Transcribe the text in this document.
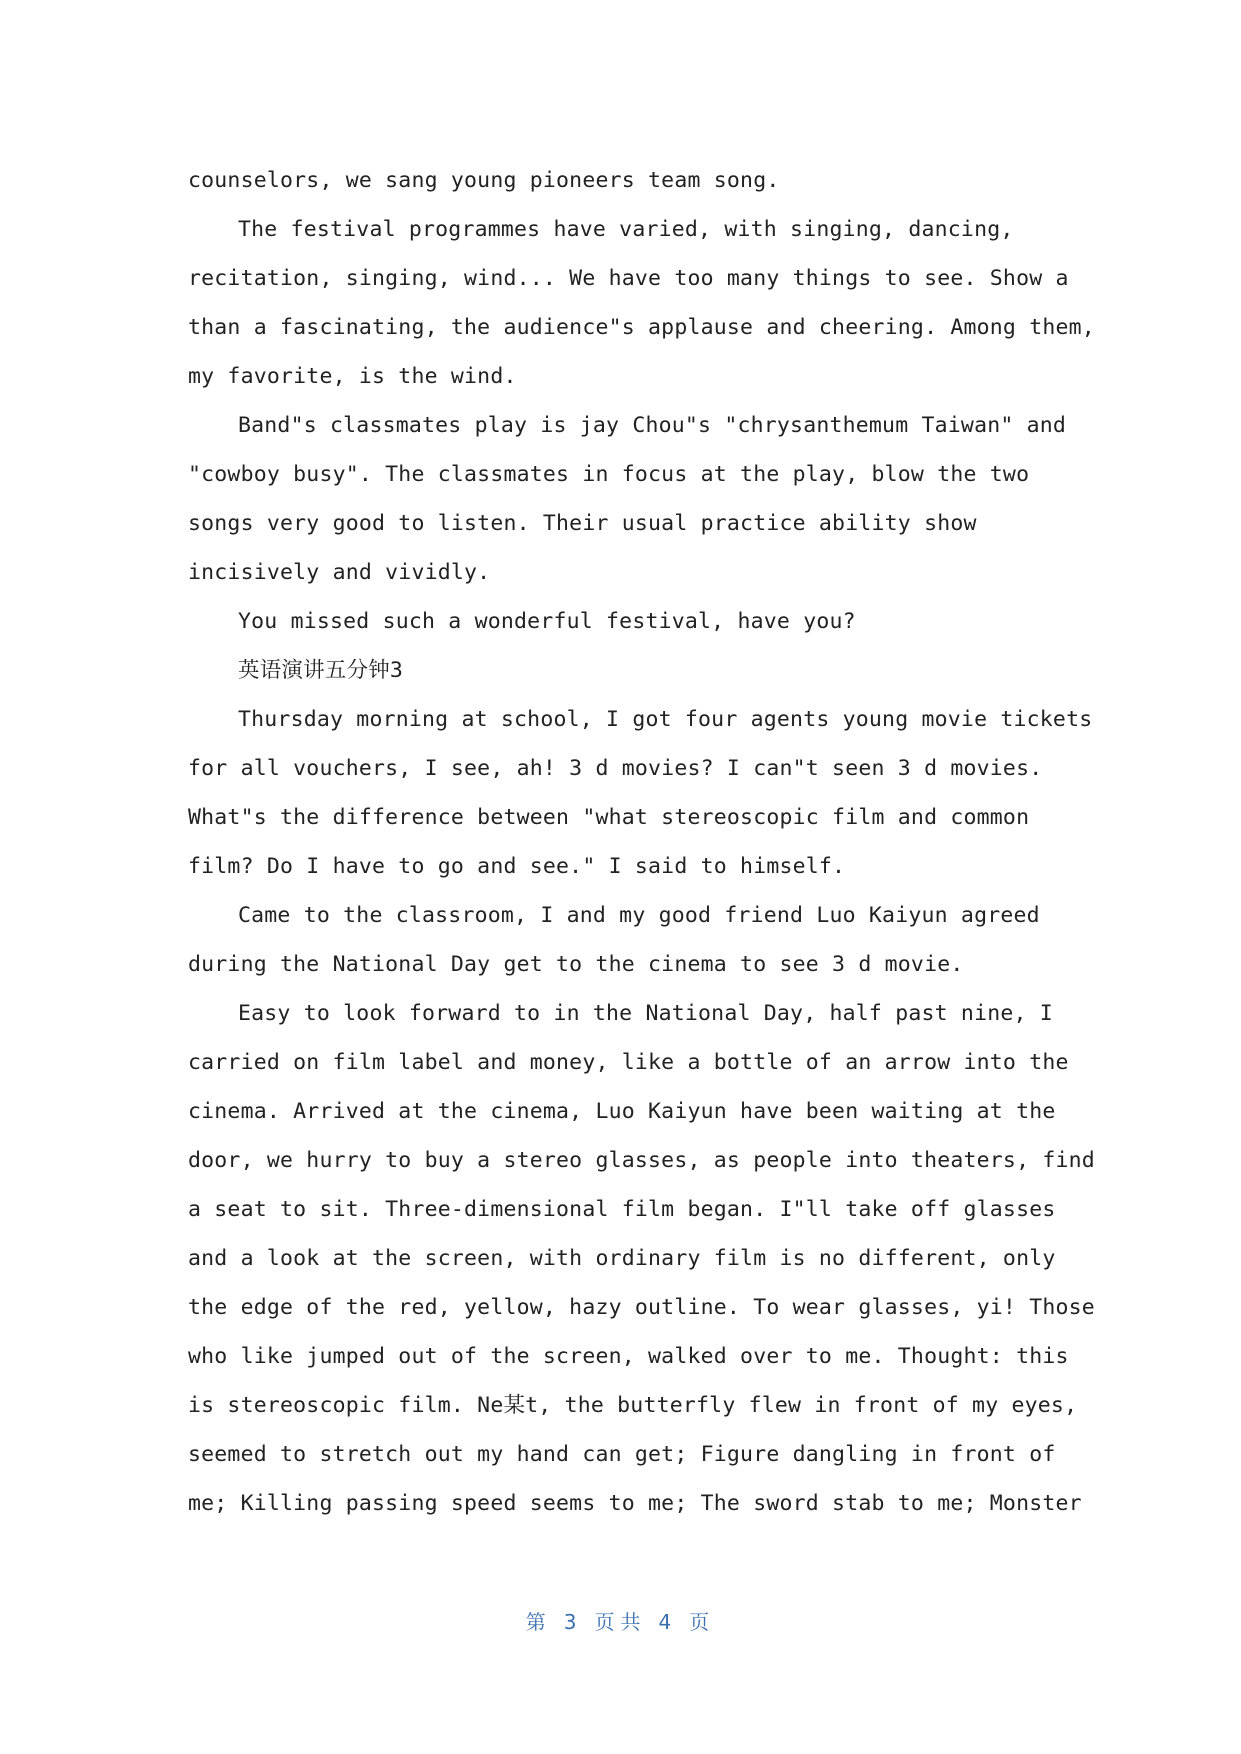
counselors, we sang young pioneers team song.
The festival programmes have varied, with singing, dancing,
recitation, singing, wind... We have too many things to see. Show a
than a fascinating, the audience"s applause and cheering. Among them,
my favorite, is the wind.
Band"s classmates play is jay Chou"s "chrysanthemum Taiwan" and
"cowboy busy". The classmates in focus at the play, blow the two
songs very good to listen. Their usual practice ability show
incisively and vividly.
You missed such a wonderful festival, have you?
英语演讲五分钟3
Thursday morning at school, I got four agents young movie tickets
for all vouchers, I see, ah! 3 d movies? I can"t seen 3 d movies.
What"s the difference between "what stereoscopic film and common
film? Do I have to go and see." I said to himself.
Came to the classroom, I and my good friend Luo Kaiyun agreed
during the National Day get to the cinema to see 3 d movie.
Easy to look forward to in the National Day, half past nine, I
carried on film label and money, like a bottle of an arrow into the
cinema. Arrived at the cinema, Luo Kaiyun have been waiting at the
door, we hurry to buy a stereo glasses, as people into theaters, find
a seat to sit. Three-dimensional film began. I"ll take off glasses
and a look at the screen, with ordinary film is no different, only
the edge of the red, yellow, hazy outline. To wear glasses, yi! Those
who like jumped out of the screen, walked over to me. Thought: this
is stereoscopic film. Ne某t, the butterfly flew in front of my eyes,
seemed to stretch out my hand can get; Figure dangling in front of
me; Killing passing speed seems to me; The sword stab to me; Monster
第 3 页共 4 页
